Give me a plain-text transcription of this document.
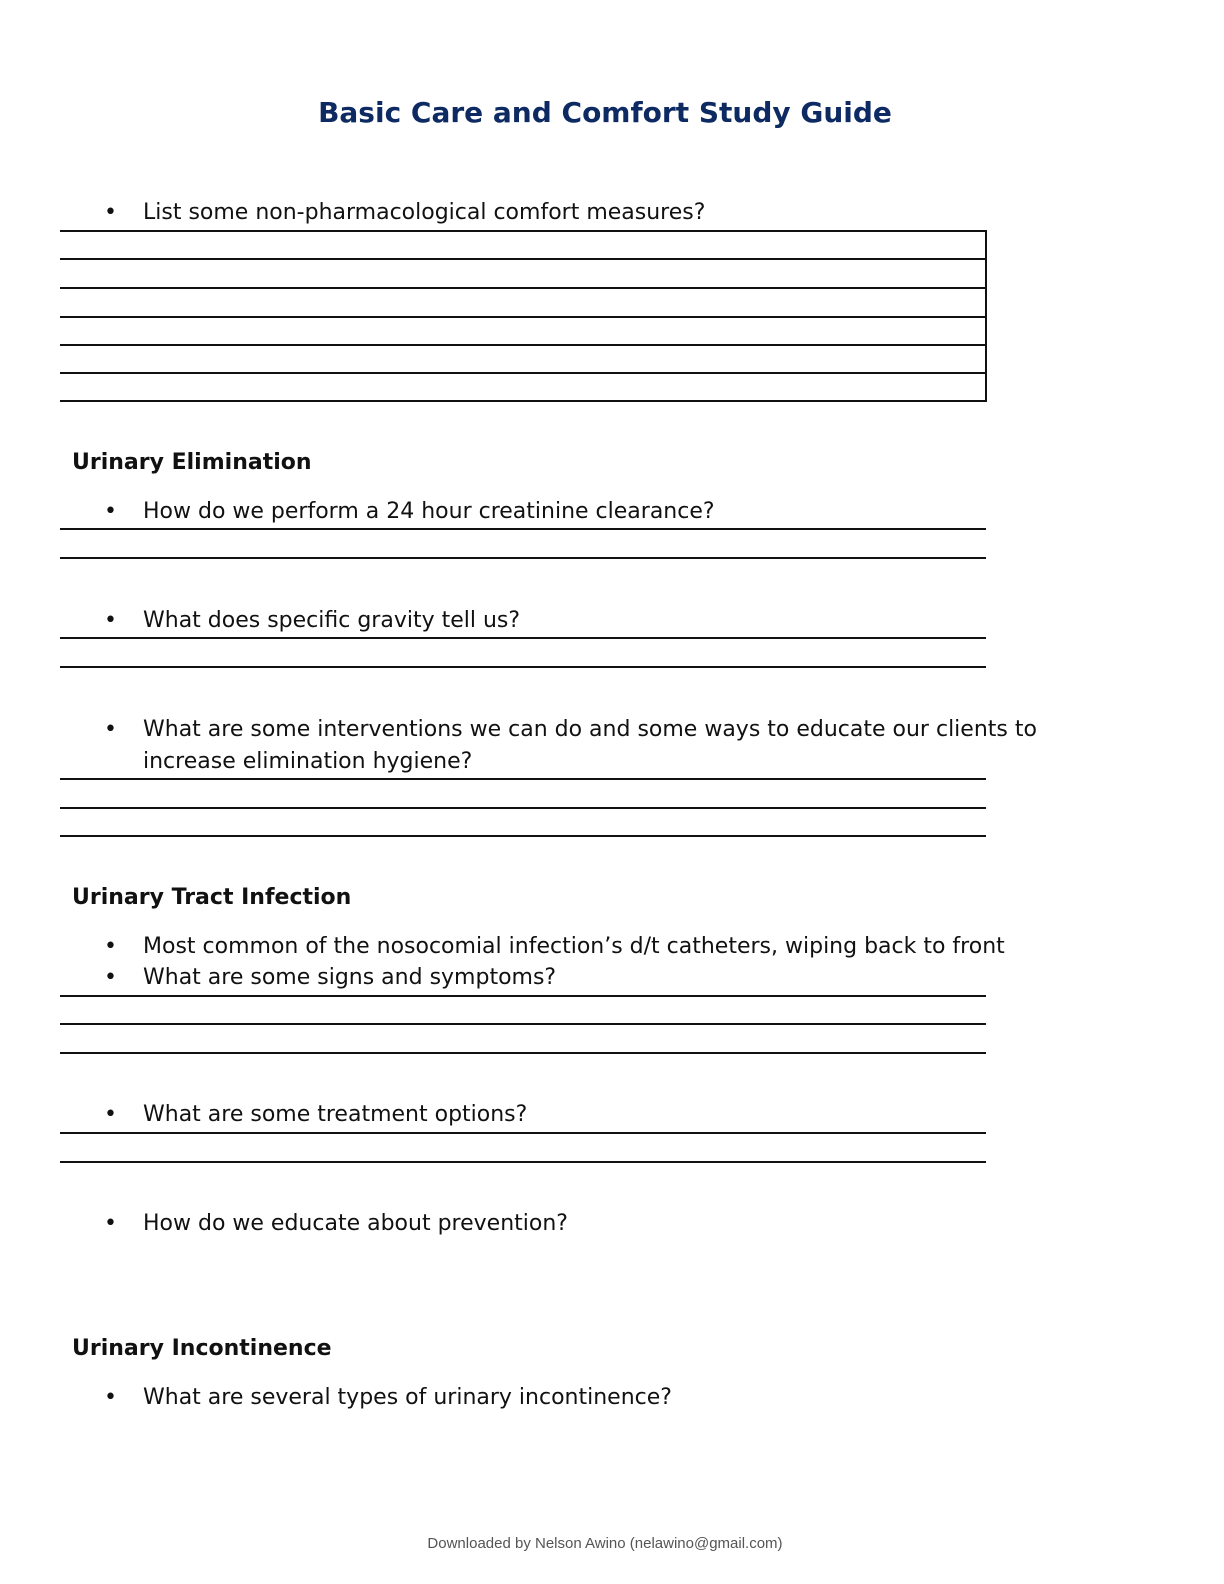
Basic Care and Comfort Study Guide
• List some non-pharmacological comfort measures?
Urinary Elimination
• How do we perform a 24 hour creatinine clearance?
• What does specific gravity tell us?
• What are some interventions we can do and some ways to educate our clients to increase elimination hygiene?
Urinary Tract Infection
• Most common of the nosocomial infection’s d/t catheters, wiping back to front
• What are some signs and symptoms?
• What are some treatment options?
• How do we educate about prevention?
Urinary Incontinence
• What are several types of urinary incontinence?
Downloaded by Nelson Awino (nelawino@gmail.com)
